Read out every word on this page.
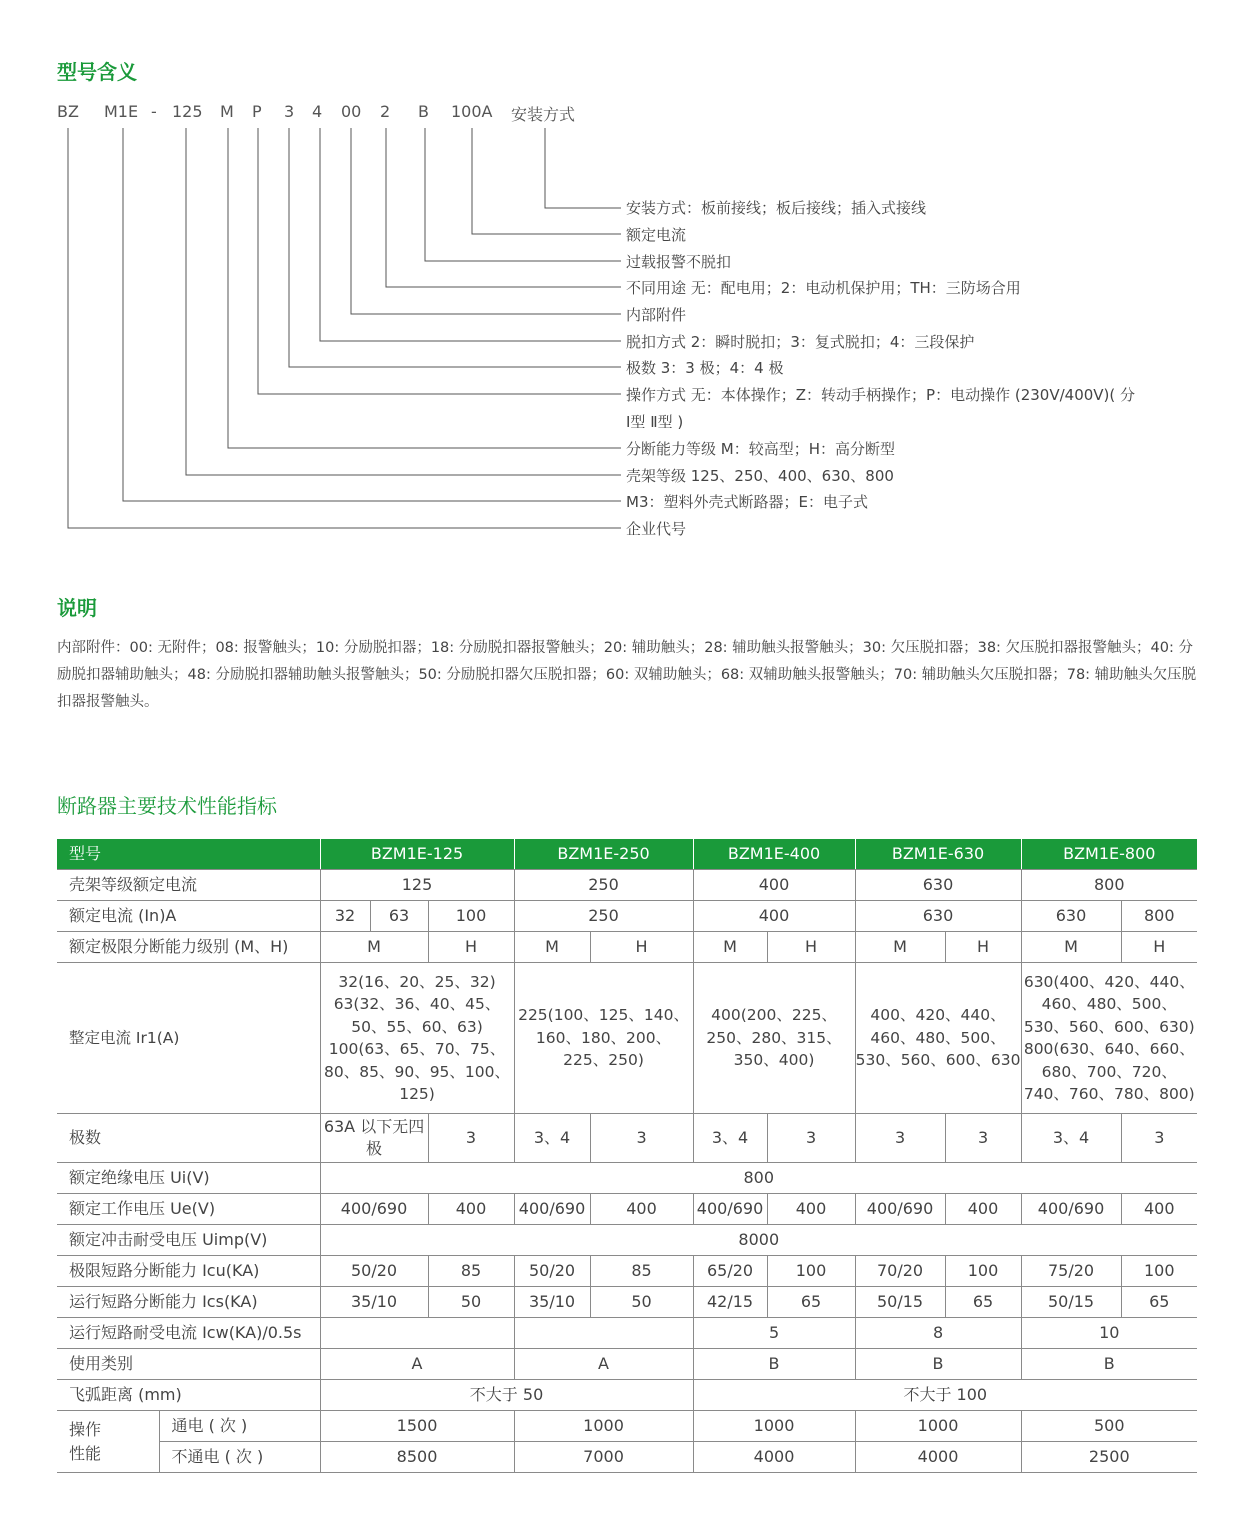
型号含义
BZ M1E - 125 M P 3 4 00 2 B 100A 安装方式
安装方式：板前接线；板后接线；插入式接线
额定电流
过载报警不脱扣
不同用途 无：配电用；2：电动机保护用；TH：三防场合用
内部附件
脱扣方式 2：瞬时脱扣；3：复式脱扣；4：三段保护
极数 3：3 极；4：4 极
操作方式 无：本体操作；Z：转动手柄操作；P：电动操作 (230V/400V)( 分
Ⅰ型 Ⅱ型 )
分断能力等级 M：较高型；H：高分断型
壳架等级 125、250、400、630、800
M3：塑料外壳式断路器；E：电子式
企业代号
说明
内部附件：00: 无附件；08: 报警触头；10: 分励脱扣器；18: 分励脱扣器报警触头；20: 辅助触头；28: 辅助触头报警触头；30: 欠压脱扣器；38: 欠压脱扣器报警触头；40: 分励脱扣器辅助触头；48: 分励脱扣器辅助触头报警触头；50: 分励脱扣器欠压脱扣器；60: 双辅助触头；68: 双辅助触头报警触头；70: 辅助触头欠压脱扣器；78: 辅助触头欠压脱扣器报警触头。
断路器主要技术性能指标
型号		BZM1E-125			BZM1E-250		BZM1E-400		BZM1E-630		BZM1E-800	
壳架等级额定电流		125			250		400		630		800	
额定电流 (In)A		32	63	100	250		400		630		630	800
额定极限分断能力级别 (M、H)		M		H	M	H	M	H	M	H	M	H
整定电流 Ir1(A)		32(16、20、25、32) 63(32、36、40、45、50、55、60、63) 100(63、65、70、75、80、85、90、95、100、125)			225(100、125、140、160、180、200、225、250)		400(200、225、250、280、315、350、400)		400、420、440、460、480、500、530、560、600、630		630(400、420、440、460、480、500、530、560、600、630) 800(630、640、660、680、700、720、740、760、780、800)	
极数		63A 以下无四极		3	3、4	3	3、4	3	3	3	3、4	3
额定绝缘电压 Ui(V)		800										
额定工作电压 Ue(V)		400/690		400	400/690	400	400/690	400	400/690	400	400/690	400
额定冲击耐受电压 Uimp(V)		8000										
极限短路分断能力 Icu(KA)		50/20		85	50/20	85	65/20	100	70/20	100	75/20	100
运行短路分断能力 Ics(KA)		35/10		50	35/10	50	42/15	65	50/15	65	50/15	65
运行短路耐受电流 Icw(KA)/0.5s							5		8		10	
使用类别		A			A		B		B		B	
飞弧距离 (mm)		不大于 50					不大于 100					
操作
性能	通电 ( 次 )	1500			1000		1000		1000		500	
	不通电 ( 次 )	8500			7000		4000		4000		2500	
